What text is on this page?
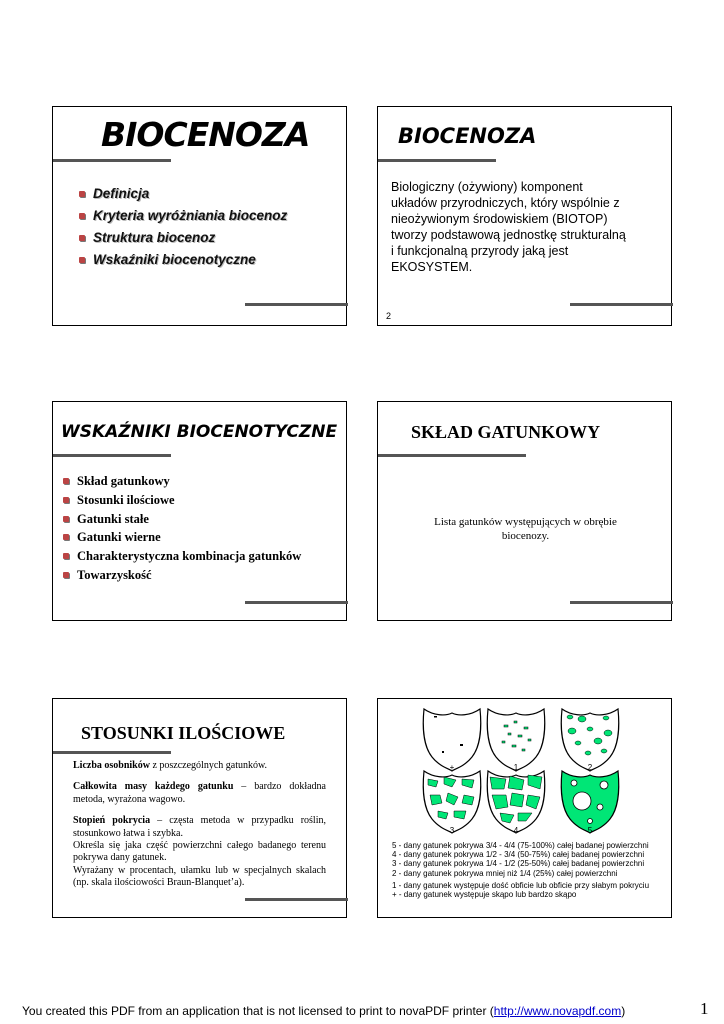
BIOCENOZA
Definicja
Kryteria wyróżniania biocenoz
Struktura biocenoz
Wskaźniki biocenotyczne
BIOCENOZA
Biologiczny (ożywiony) komponent
układów przyrodniczych, który wspólnie z
nieożywionym środowiskiem (BIOTOP)
tworzy podstawową jednostkę strukturalną
i funkcjonalną przyrody jaką jest
EKOSYSTEM.
2
WSKAŹNIKI BIOCENOTYCZNE
Skład gatunkowy
Stosunki ilościowe
Gatunki stałe
Gatunki wierne
Charakterystyczna kombinacja gatunków
Towarzyskość
SKŁAD GATUNKOWY
Lista gatunków występujących w obrębie
biocenozy.
STOSUNKI ILOŚCIOWE

Liczba osobników z poszczególnych gatunków.

Całkowita masy każdego gatunku – bardzo dokładna metoda, wyrażona wagowo.

Stopień pokrycia – częsta metoda w przypadku roślin, stosunkowo łatwa i szybka.

Określa się jaka część powierzchni całego badanego terenu pokrywa dany gatunek.

Wyrażany w procentach, ułamku lub w specjalnych skalach (np. skala ilościowości Braun-Blanquet’a).

+	1	2
3	4	5
5 - dany gatunek pokrywa 3/4 - 4/4 (75-100%) całej badanej powierzchni
4 - dany gatunek pokrywa 1/2 - 3/4 (50-75%) całej badanej powierzchni
3 - dany gatunek pokrywa 1/4 - 1/2 (25-50%) całej badanej powierzchni
2 - dany gatunek pokrywa mniej niż 1/4 (25%) całej powierzchni
1 - dany gatunek występuje dość obficie lub obficie przy słabym pokryciu
+ - dany gatunek występuje skąpo lub bardzo skąpo
You created this PDF from an application that is not licensed to print to novaPDF printer (http://www.novapdf.com)	1
